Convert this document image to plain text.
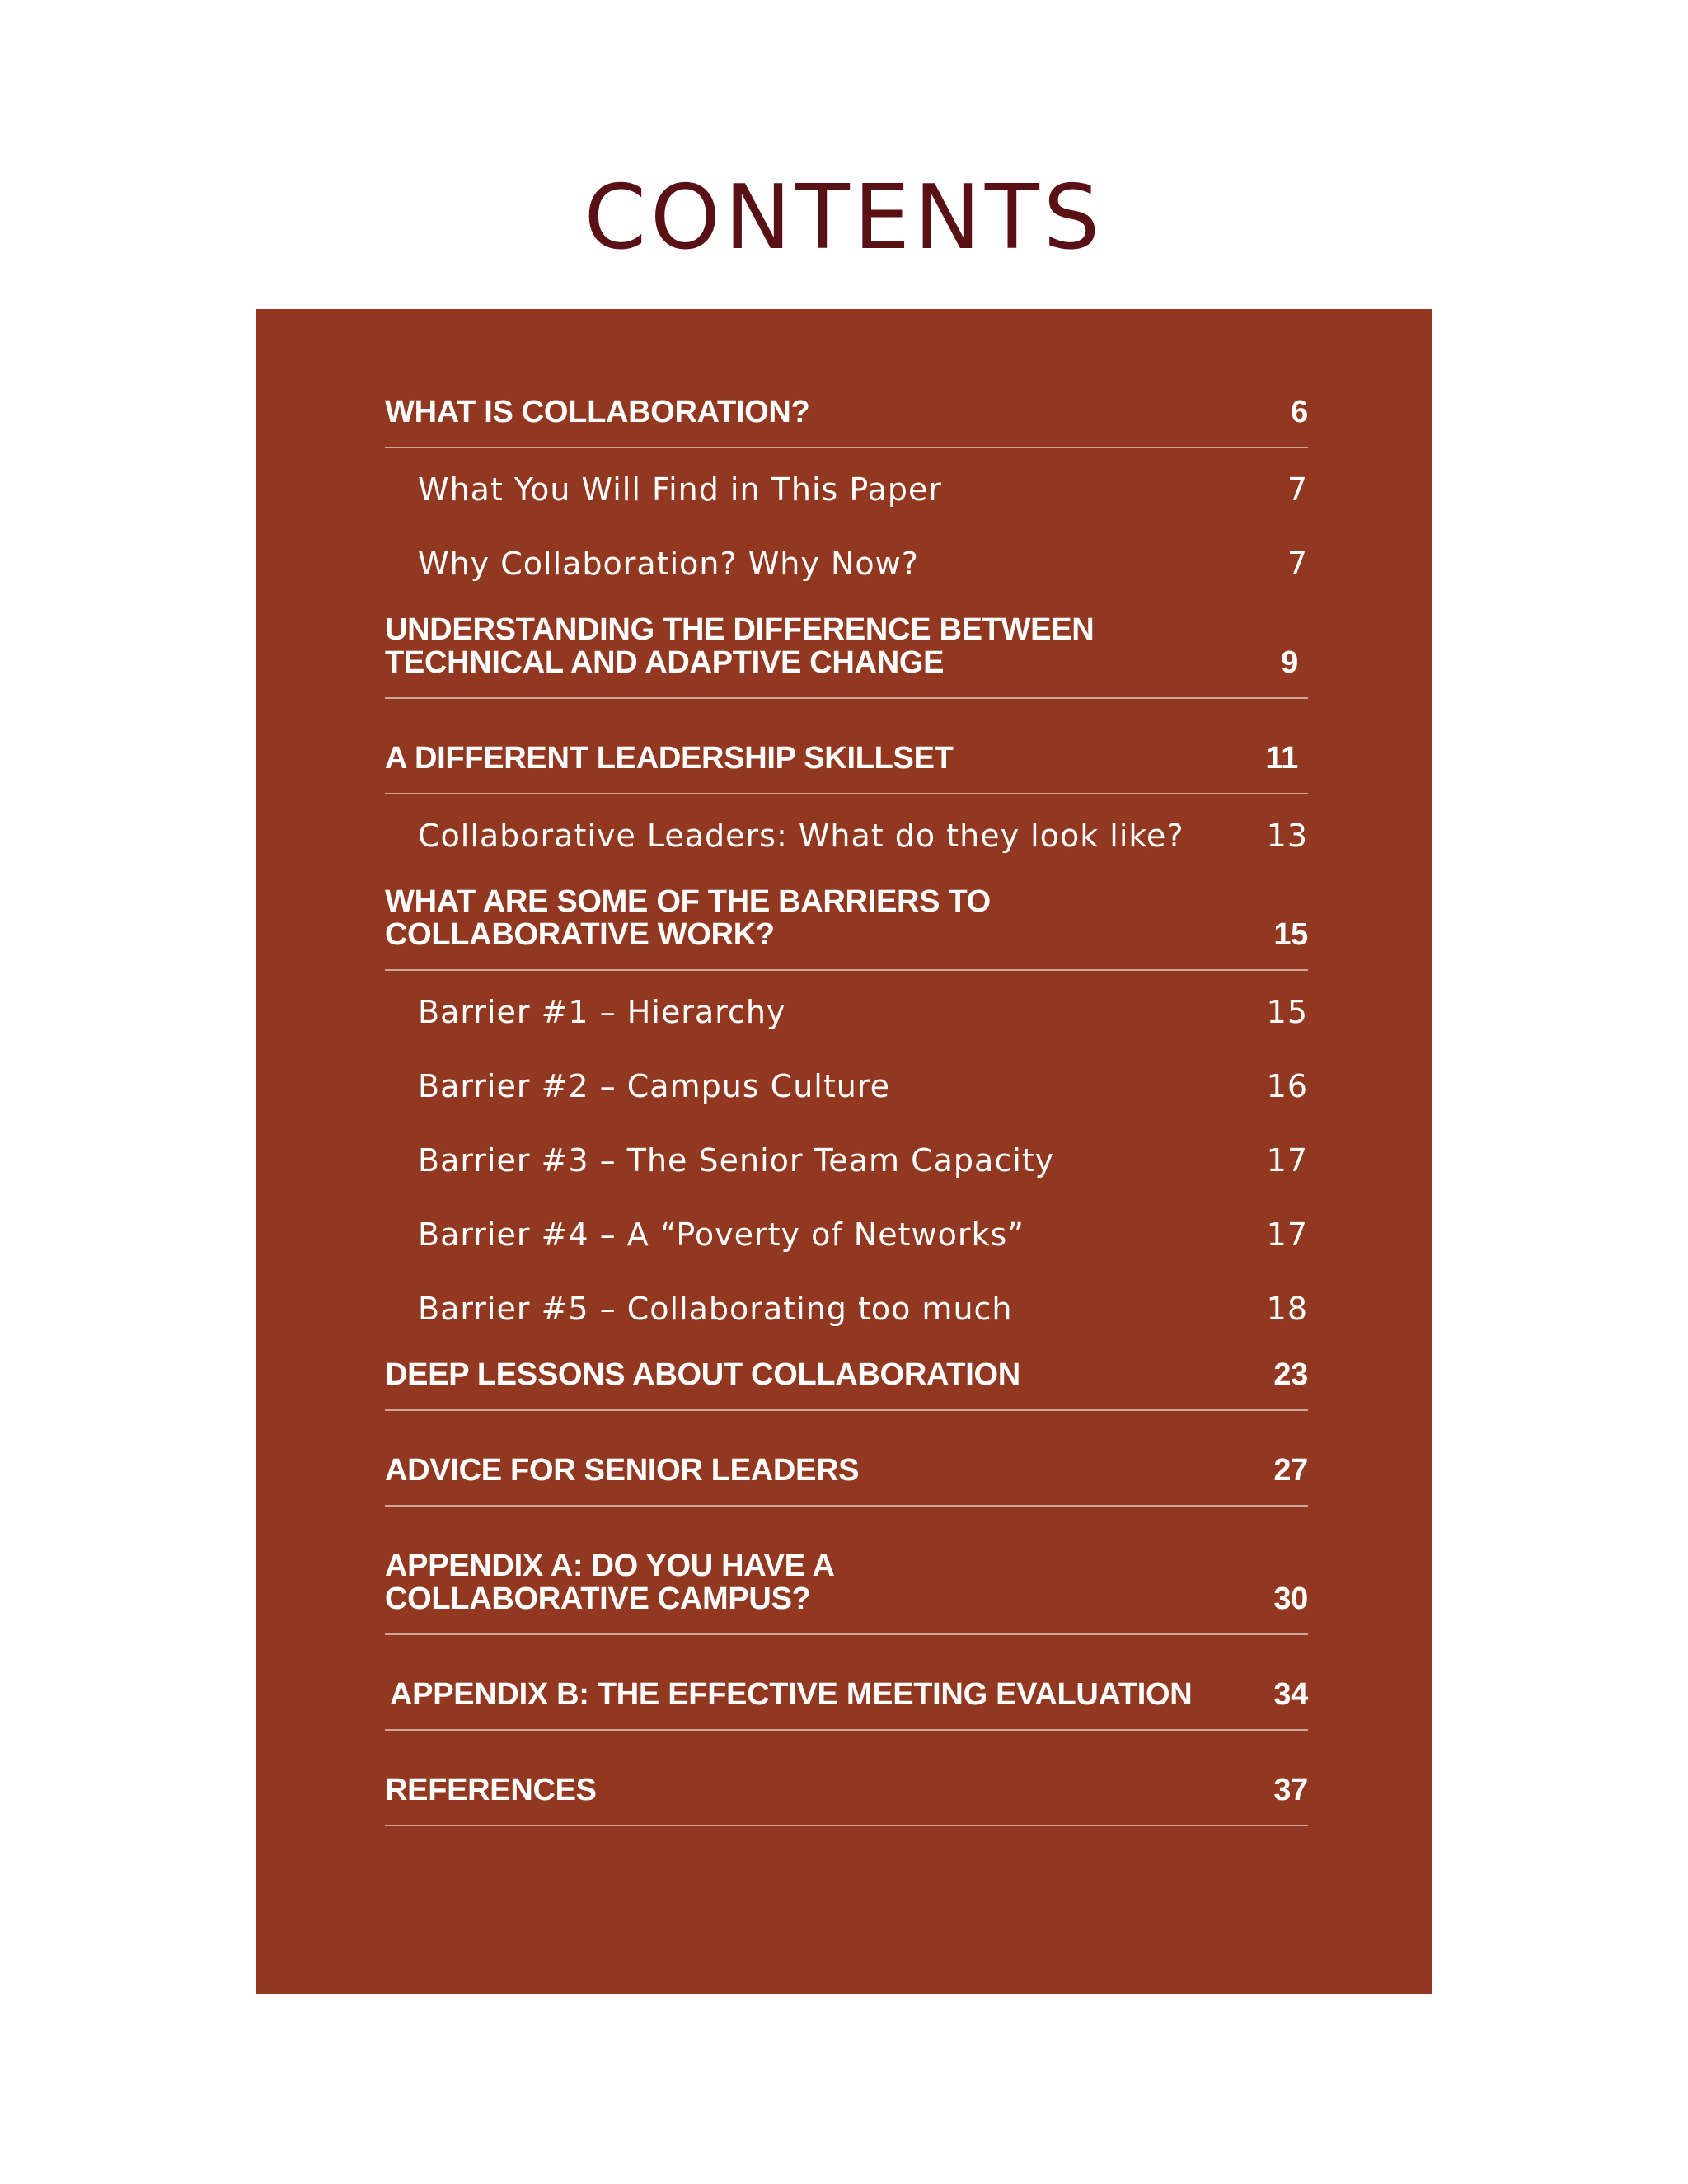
CONTENTS
WHAT IS COLLABORATION?	6
What You Will Find in This Paper	7
Why Collaboration? Why Now?	7
UNDERSTANDING THE DIFFERENCE BETWEEN
TECHNICAL AND ADAPTIVE CHANGE	9
A DIFFERENT LEADERSHIP SKILLSET	11
Collaborative Leaders: What do they look like?	13
WHAT ARE SOME OF THE BARRIERS TO
COLLABORATIVE WORK?	15
Barrier #1 – Hierarchy	15
Barrier #2 – Campus Culture	16
Barrier #3 – The Senior Team Capacity	17
Barrier #4 – A “Poverty of Networks”	17
Barrier #5 – Collaborating too much	18
DEEP LESSONS ABOUT COLLABORATION	23
ADVICE FOR SENIOR LEADERS	27
APPENDIX A: DO YOU HAVE A
COLLABORATIVE CAMPUS?	30
APPENDIX B: THE EFFECTIVE MEETING EVALUATION	34
REFERENCES	37
